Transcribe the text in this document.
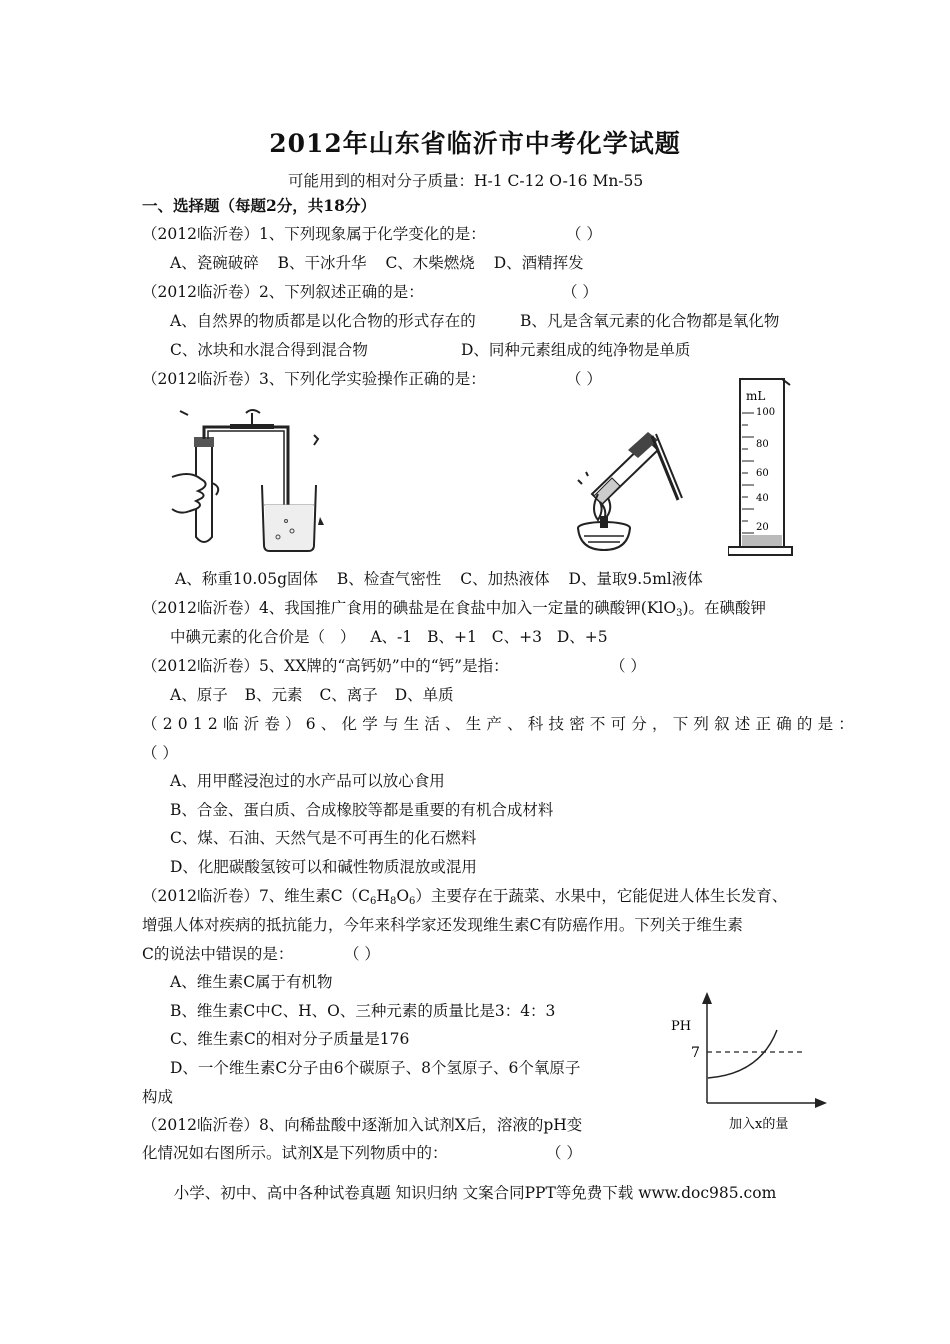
2012年山东省临沂市中考化学试题
可能用到的相对分子质量：H-1 C-12 O-16 Mn-55
一、选择题（每题2分，共18分）
（2012临沂卷）1、下列现象属于化学变化的是：	（ ）
A、瓷碗破碎 B、干冰升华 C、木柴燃烧 D、酒精挥发
（2012临沂卷）2、下列叙述正确的是：	（ ）
A、自然界的物质都是以化合物的形式存在的	B、凡是含氧元素的化合物都是氧化物
C、冰块和水混合得到混合物	D、同种元素组成的纯净物是单质
（2012临沂卷）3、下列化学实验操作正确的是：	（ ）
mL
100
80
60
40
20
A、称重10.05g固体 B、检查气密性 C、加热液体 D、量取9.5ml液体
（2012临沂卷）4、我国推广食用的碘盐是在食盐中加入一定量的碘酸钾(KlO$_3$)。在碘酸钾
中碘元素的化合价是（ ） A、-1 B、+1 C、+3 D、+5
（2012临沂卷）5、XX牌的“高钙奶”中的“钙”是指：	（ ）
A、原子 B、元素 C、离子 D、单质
（2012临沂卷）6、化学与生活、生产、科技密不可分，下列叙述正确的是：
（ ）
A、用甲醛浸泡过的水产品可以放心食用
B、合金、蛋白质、合成橡胶等都是重要的有机合成材料
C、煤、石油、天然气是不可再生的化石燃料
D、化肥碳酸氢铵可以和碱性物质混放或混用
（2012临沂卷）7、维生素$C(C_6H_8O_6)$主要存在于蔬菜、水果中，它能促进人体生长发育、
增强人体对疾病的抵抗能力，今年来科学家还发现维生素C有防癌作用。下列关于维生素
C的说法中错误的是：	（ ）
A、维生素C属于有机物
B、维生素C中C、H、O、三种元素的质量比是3：4：3
C、维生素C的相对分子质量是176
D、一个维生素C分子由6个碳原子、8个氢原子、6个氧原子
构成
PH
7
加入x的量
（2012临沂卷）8、向稀盐酸中逐渐加入试剂X后，溶液的pH变
化情况如右图所示。试剂X是下列物质中的：	（ ）
小学、初中、高中各种试卷真题 知识归纳 文案合同PPT等免费下载 www.doc985.com
